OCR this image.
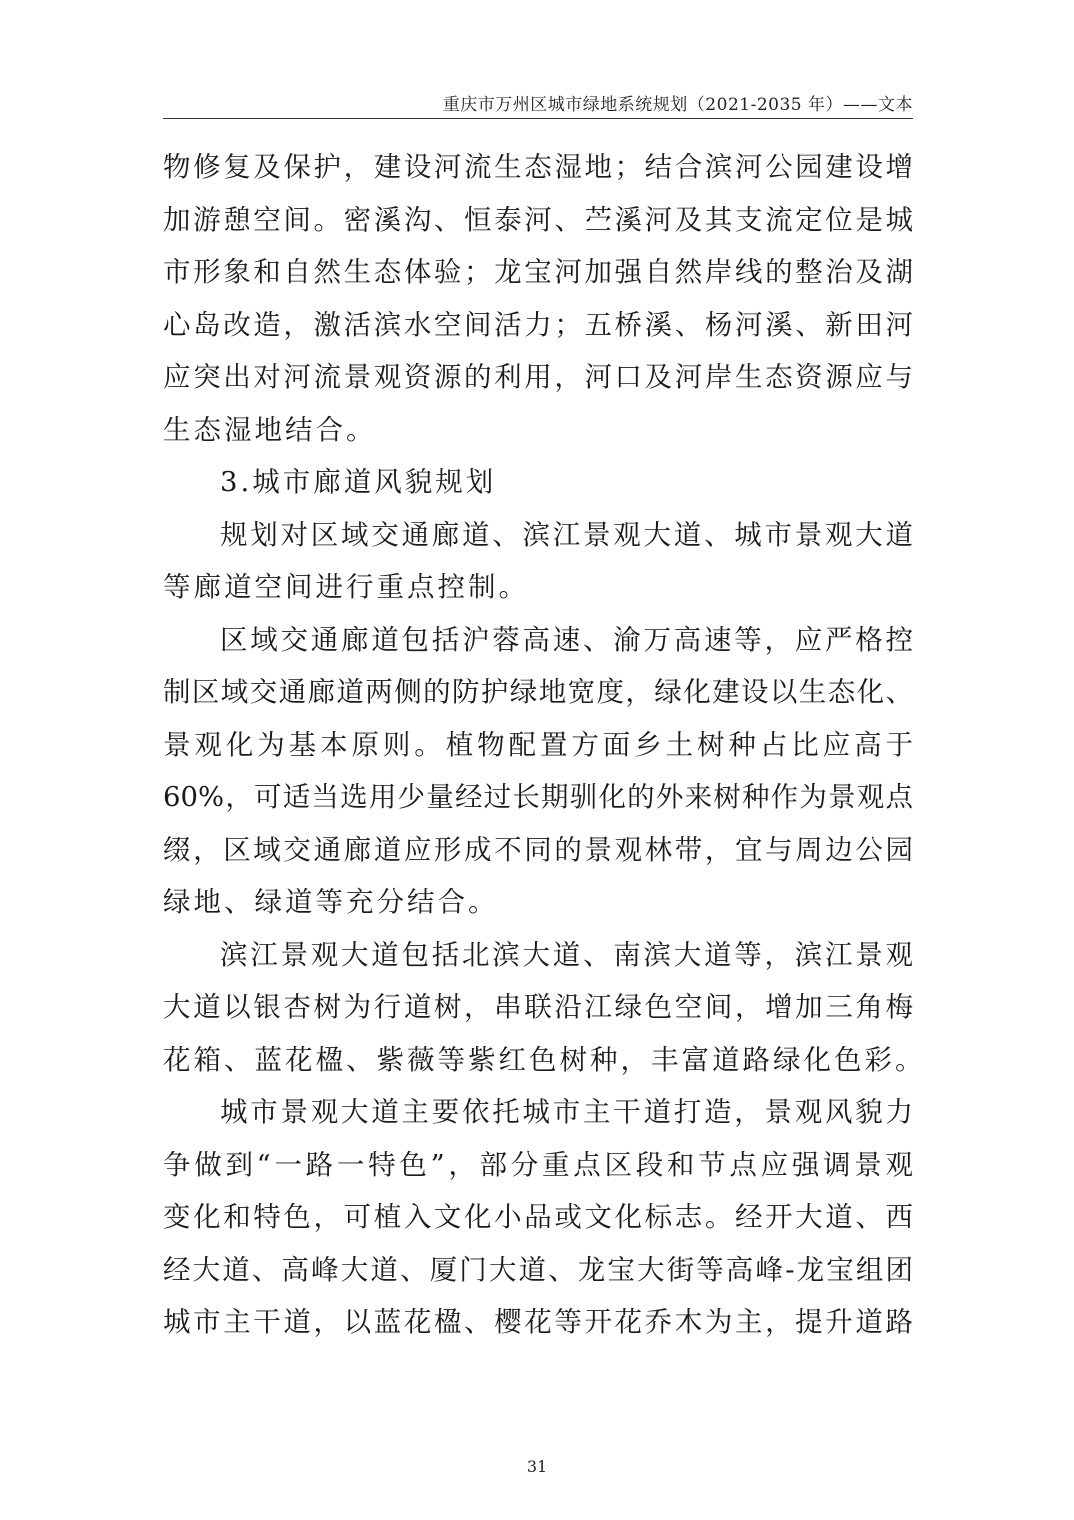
重庆市万州区城市绿地系统规划（2021-2035 年）——文本
物修复及保护，建设河流生态湿地；结合滨河公园建设增
加游憩空间。密溪沟、恒泰河、苎溪河及其支流定位是城
市形象和自然生态体验；龙宝河加强自然岸线的整治及湖
心岛改造，激活滨水空间活力；五桥溪、杨河溪、新田河
应突出对河流景观资源的利用，河口及河岸生态资源应与
生态湿地结合。
3.城市廊道风貌规划
规划对区域交通廊道、滨江景观大道、城市景观大道
等廊道空间进行重点控制。
区域交通廊道包括沪蓉高速、渝万高速等，应严格控
制区域交通廊道两侧的防护绿地宽度，绿化建设以生态化、
景观化为基本原则。植物配置方面乡土树种占比应高于
60%，可适当选用少量经过长期驯化的外来树种作为景观点
缀，区域交通廊道应形成不同的景观林带，宜与周边公园
绿地、绿道等充分结合。
滨江景观大道包括北滨大道、南滨大道等，滨江景观
大道以银杏树为行道树，串联沿江绿色空间，增加三角梅
花箱、蓝花楹、紫薇等紫红色树种，丰富道路绿化色彩。
城市景观大道主要依托城市主干道打造，景观风貌力
争做到“一路一特色”，部分重点区段和节点应强调景观
变化和特色，可植入文化小品或文化标志。经开大道、西
经大道、高峰大道、厦门大道、龙宝大街等高峰-龙宝组团
城市主干道，以蓝花楹、樱花等开花乔木为主，提升道路
31
